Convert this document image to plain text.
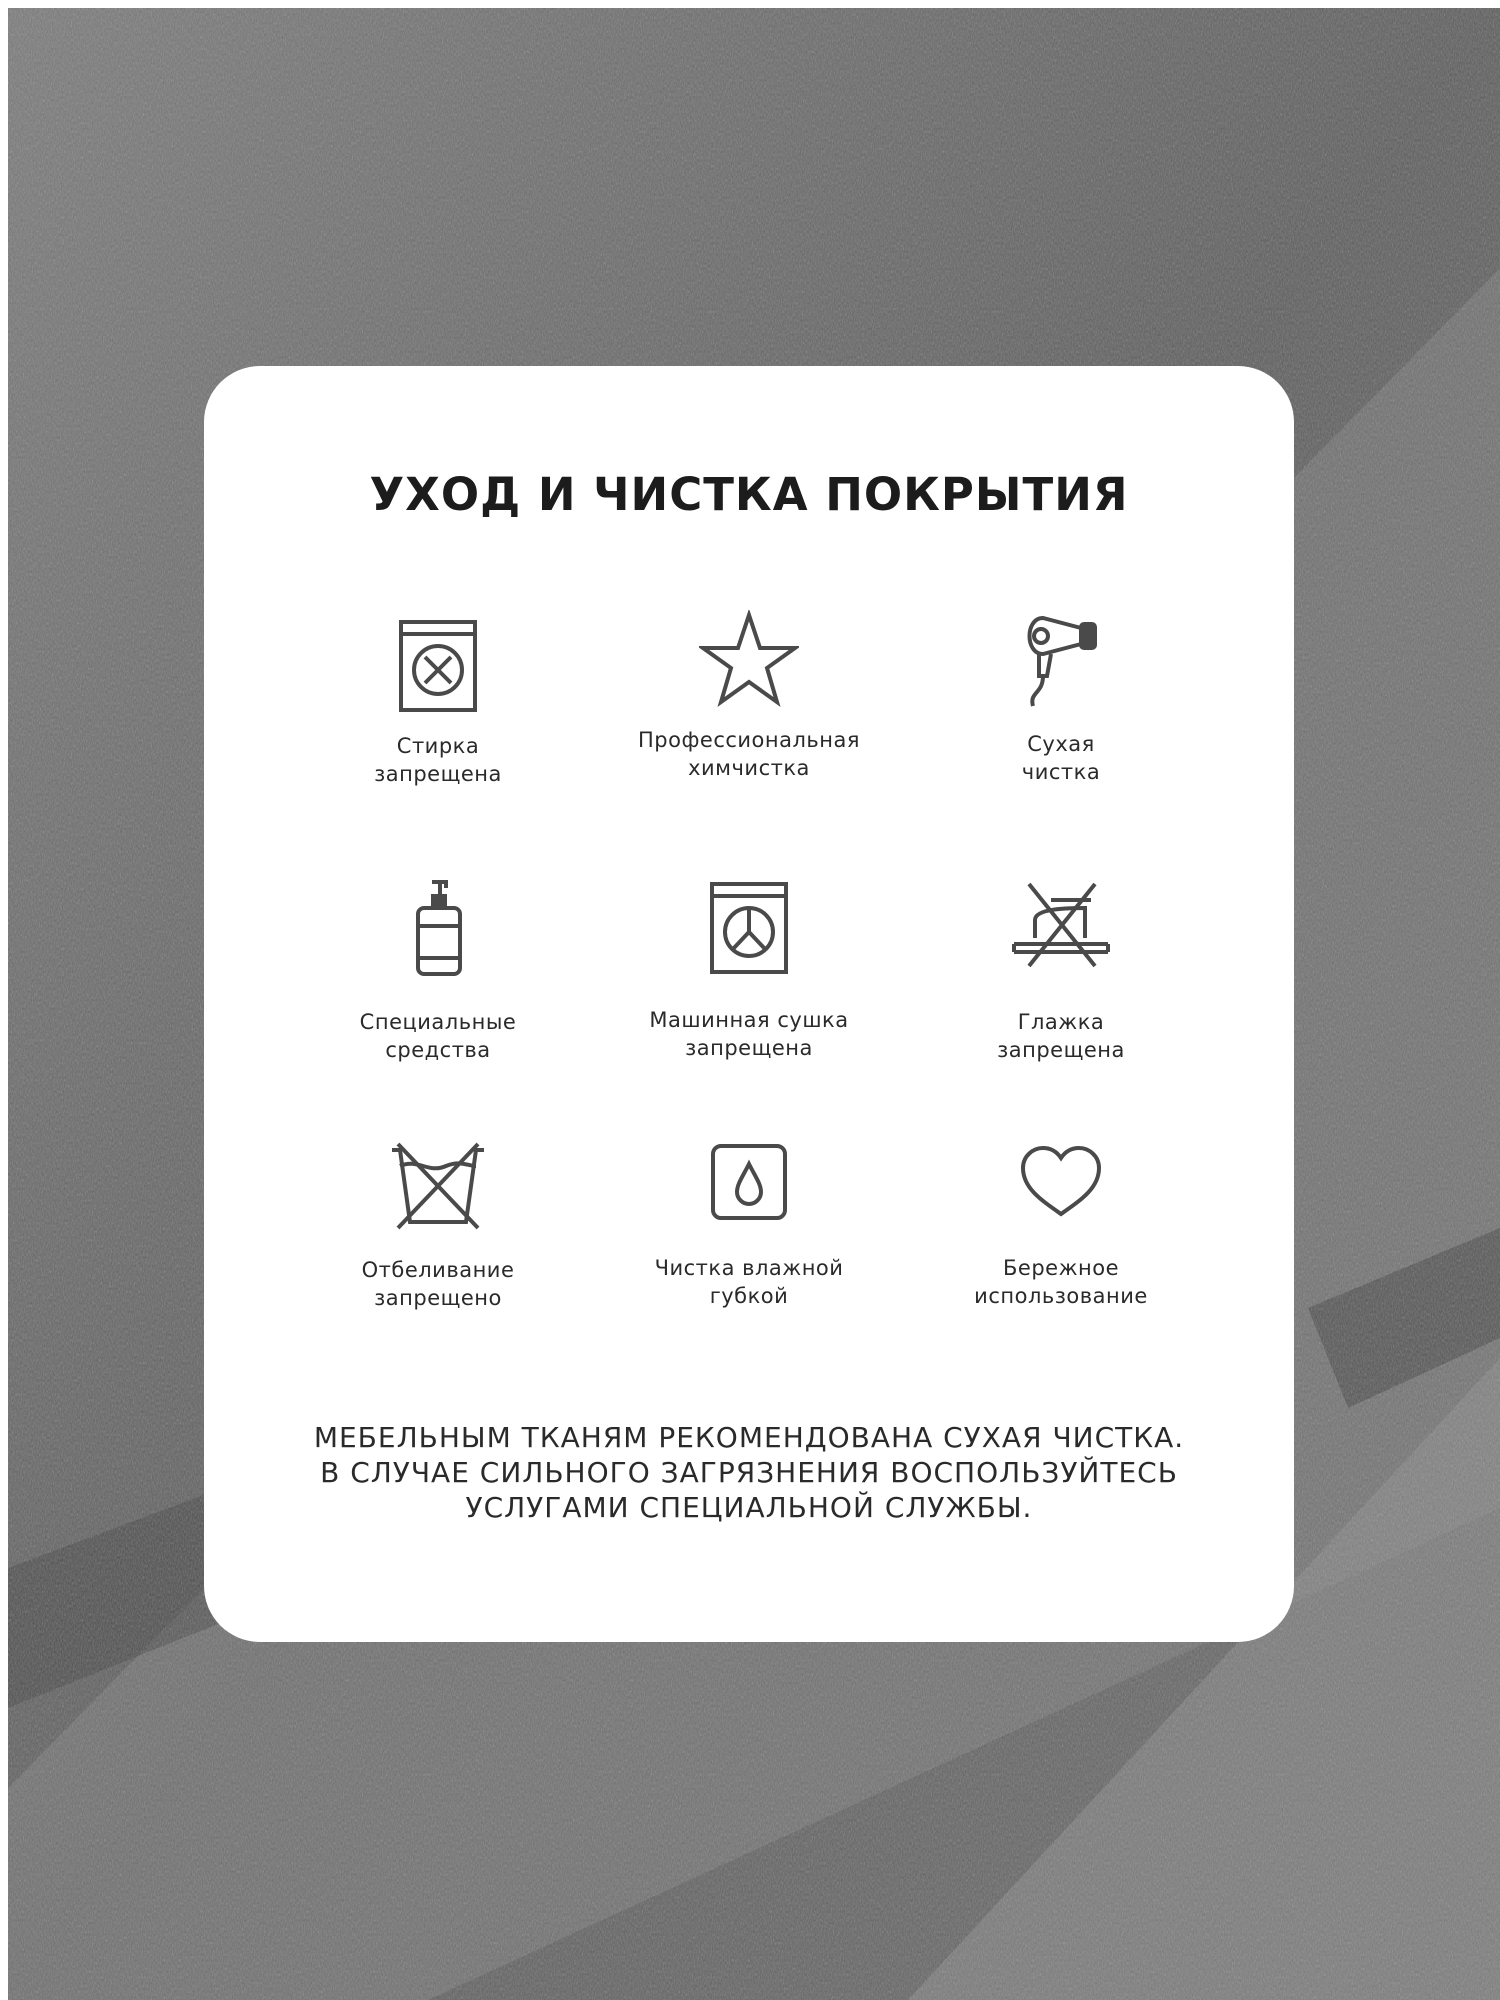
УХОД И ЧИСТКА ПОКРЫТИЯ
Стирка
запрещена
Профессиональная
химчистка
Сухая
чистка
Специальные
средства
Машинная сушка
запрещена
Глажка
запрещена
Отбеливание
запрещено
Чистка влажной
губкой
Бережное
использование
МЕБЕЛЬНЫМ ТКАНЯМ РЕКОМЕНДОВАНА СУХАЯ ЧИСТКА.
В СЛУЧАЕ СИЛЬНОГО ЗАГРЯЗНЕНИЯ ВОСПОЛЬЗУЙТЕСЬ
УСЛУГАМИ СПЕЦИАЛЬНОЙ СЛУЖБЫ.
